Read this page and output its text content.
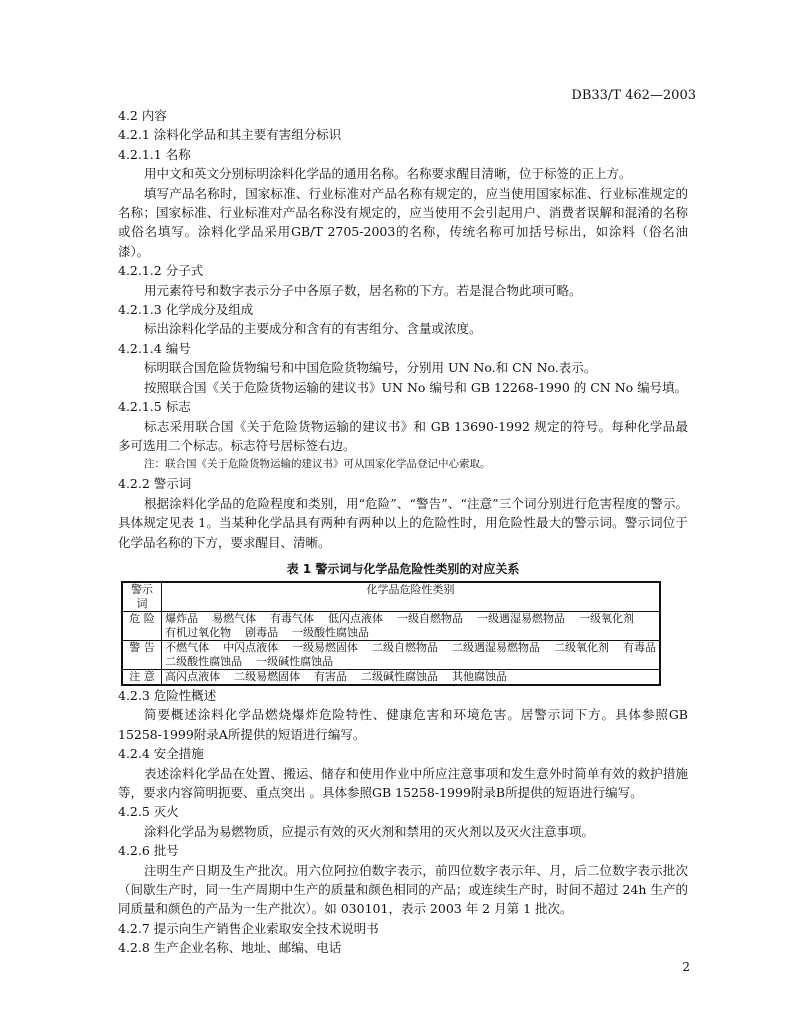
DB33/T 462—2003
4.2 内容
4.2.1 涂料化学品和其主要有害组分标识
4.2.1.1 名称
用中文和英文分别标明涂料化学品的通用名称。名称要求醒目清晰，位于标签的正上方。
填写产品名称时，国家标准、行业标准对产品名称有规定的，应当使用国家标准、行业标准规定的名称；国家标准、行业标准对产品名称没有规定的，应当使用不会引起用户、消费者误解和混淆的名称或俗名填写。涂料化学品采用GB/T 2705-2003的名称，传统名称可加括号标出，如涂料（俗名油漆）。
4.2.1.2 分子式
用元素符号和数字表示分子中各原子数，居名称的下方。若是混合物此项可略。
4.2.1.3 化学成分及组成
标出涂料化学品的主要成分和含有的有害组分、含量或浓度。
4.2.1.4 编号
标明联合国危险货物编号和中国危险货物编号，分别用 UN No.和 CN No.表示。
按照联合国《关于危险货物运输的建议书》UN No 编号和 GB 12268-1990 的 CN No 编号填。
4.2.1.5 标志
标志采用联合国《关于危险货物运输的建议书》和 GB 13690-1992 规定的符号。每种化学品最多可选用二个标志。标志符号居标签右边。
注：联合国《关于危险货物运输的建议书》可从国家化学品登记中心索取。
4.2.2 警示词
根据涂料化学品的危险程度和类别，用“危险”、“警告”、“注意”三个词分别进行危害程度的警示。具体规定见表 1。当某种化学品具有两种有两种以上的危险性时，用危险性最大的警示词。警示词位于化学品名称的下方，要求醒目、清晰。
表 1 警示词与化学品危险性类别的对应关系
警示词	化学品危险性类别
危 险	爆炸品    易燃气体    有毒气体    低闪点液体    一级自燃物品    一级遇湿易燃物品    一级氧化剂
有机过氧化物    剧毒品    一级酸性腐蚀品

警 告	不燃气体    中闪点液体    一级易燃固体    二级自燃物品    二级遇湿易燃物品    二级氧化剂    有毒品
二级酸性腐蚀品    一级碱性腐蚀品

注 意	高闪点液体    二级易燃固体    有害品    二级碱性腐蚀品    其他腐蚀品
4.2.3 危险性概述
简要概述涂料化学品燃烧爆炸危险特性、健康危害和环境危害。居警示词下方。具体参照GB 15258-1999附录A所提供的短语进行编写。
4.2.4 安全措施
表述涂料化学品在处置、搬运、储存和使用作业中所应注意事项和发生意外时简单有效的救护措施等，要求内容简明扼要、重点突出 。具体参照GB 15258-1999附录B所提供的短语进行编写。
4.2.5 灭火
涂料化学品为易燃物质，应提示有效的灭火剂和禁用的灭火剂以及灭火注意事项。
4.2.6 批号
注明生产日期及生产批次。用六位阿拉伯数字表示，前四位数字表示年、月，后二位数字表示批次（间歇生产时，同一生产周期中生产的质量和颜色相同的产品；或连续生产时，时间不超过 24h 生产的同质量和颜色的产品为一生产批次）。如 030101，表示 2003 年 2 月第 1 批次。
4.2.7 提示向生产销售企业索取安全技术说明书
4.2.8 生产企业名称、地址、邮编、电话
2
